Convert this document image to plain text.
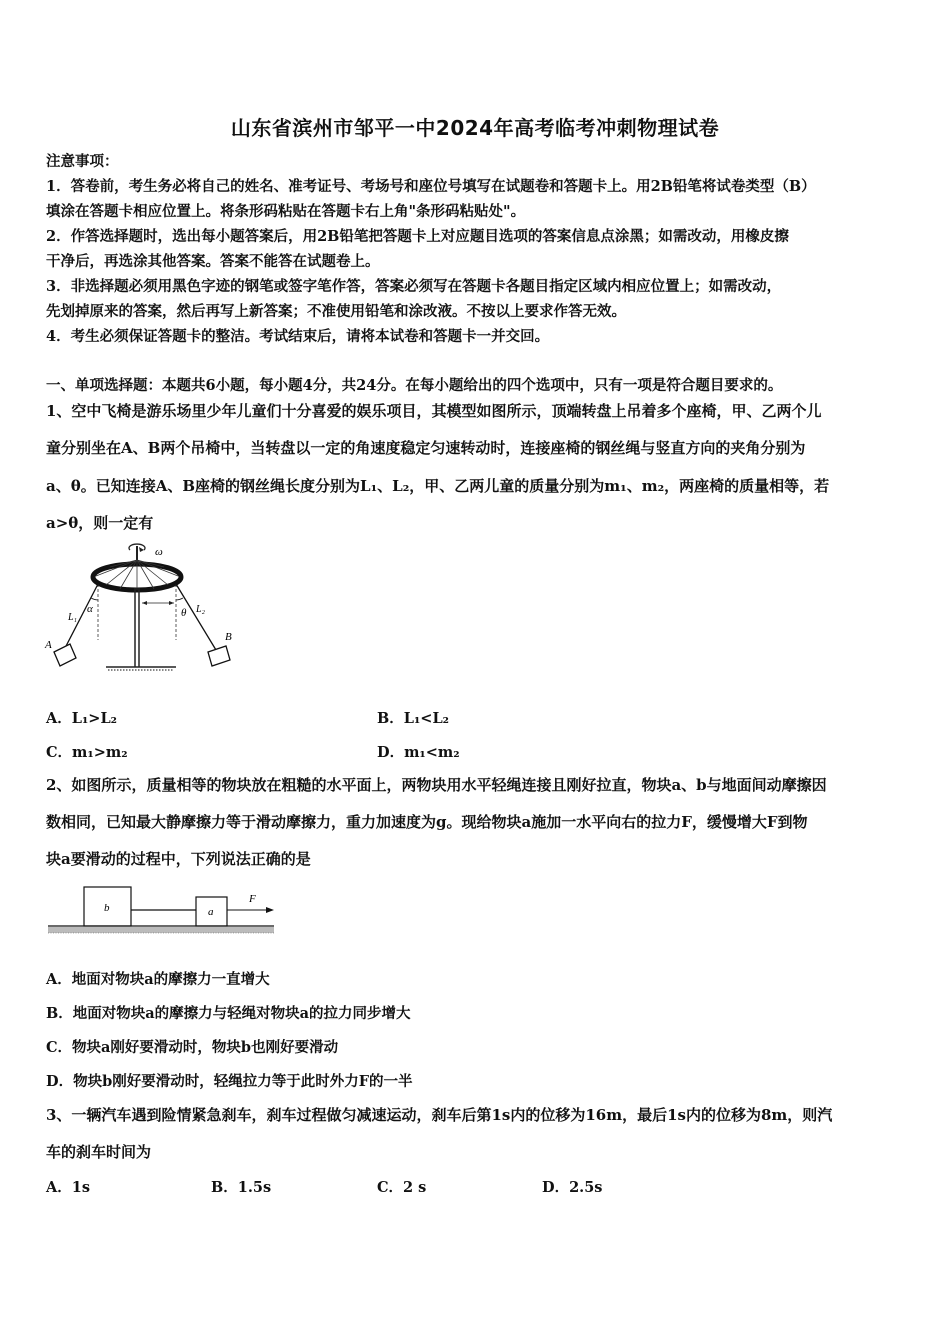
山东省滨州市邹平一中2024年高考临考冲刺物理试卷
注意事项：
1．答卷前，考生务必将自己的姓名、准考证号、考场号和座位号填写在试题卷和答题卡上。用2B铅笔将试卷类型（B）
填涂在答题卡相应位置上。将条形码粘贴在答题卡右上角"条形码粘贴处"。
2．作答选择题时，选出每小题答案后，用2B铅笔把答题卡上对应题目选项的答案信息点涂黑；如需改动，用橡皮擦
干净后，再选涂其他答案。答案不能答在试题卷上。
3．非选择题必须用黑色字迹的钢笔或签字笔作答，答案必须写在答题卡各题目指定区域内相应位置上；如需改动，
先划掉原来的答案，然后再写上新答案；不准使用铅笔和涂改液。不按以上要求作答无效。
4．考生必须保证答题卡的整洁。考试结束后，请将本试卷和答题卡一并交回。
一、单项选择题：本题共6小题，每小题4分，共24分。在每小题给出的四个选项中，只有一项是符合题目要求的。
1、空中飞椅是游乐场里少年儿童们十分喜爱的娱乐项目，其模型如图所示，顶端转盘上吊着多个座椅，甲、乙两个儿
童分别坐在A、B两个吊椅中，当转盘以一定的角速度稳定匀速转动时，连接座椅的钢丝绳与竖直方向的夹角分别为
a、θ。已知连接A、B座椅的钢丝绳长度分别为L₁、L₂，甲、乙两儿童的质量分别为m₁、m₂，两座椅的质量相等，若
a>θ，则一定有
ω
α	θ
L₁
L₂
A
B
A．L₁>L₂	B．L₁<L₂
C．m₁>m₂	D．m₁<m₂
2、如图所示，质量相等的物块放在粗糙的水平面上，两物块用水平轻绳连接且刚好拉直，物块a、b与地面间动摩擦因
数相同，已知最大静摩擦力等于滑动摩擦力，重力加速度为g。现给物块a施加一水平向右的拉力F，缓慢增大F到物
块a要滑动的过程中，下列说法正确的是
b	a
F
A．地面对物块a的摩擦力一直增大
B．地面对物块a的摩擦力与轻绳对物块a的拉力同步增大
C．物块a刚好要滑动时，物块b也刚好要滑动
D．物块b刚好要滑动时，轻绳拉力等于此时外力F的一半
3、一辆汽车遇到险情紧急刹车，刹车过程做匀减速运动，刹车后第1s内的位移为16m，最后1s内的位移为8m，则汽
车的刹车时间为
A．1s	B．1.5s	C．2 s	D．2.5s
